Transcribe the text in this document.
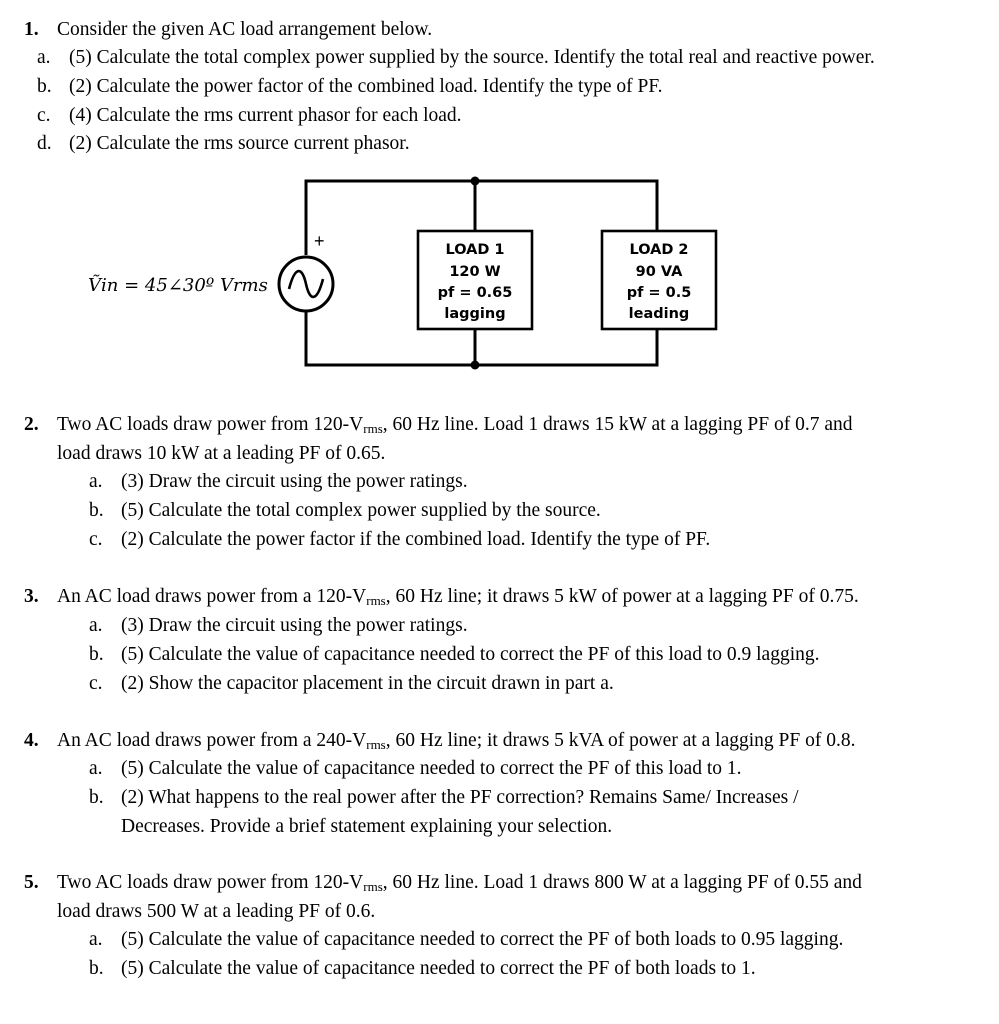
1. Consider the given AC load arrangement below.
a. (5) Calculate the total complex power supplied by the source. Identify the total real and reactive power.
b. (2) Calculate the power factor of the combined load. Identify the type of PF.
c. (4) Calculate the rms current phasor for each load.
d. (2) Calculate the rms source current phasor.
+
Ṽin = 45∠30º Vrms
LOAD 1
120 W
pf = 0.65
lagging
LOAD 2
90 VA
pf = 0.5
leading
2. Two AC loads draw power from $120-V_{rms}$, 60 Hz line. Load 1 draws 15 kW at a lagging PF of 0.7 and
load draws 10 kW at a leading PF of 0.65.
a. (3) Draw the circuit using the power ratings.
b. (5) Calculate the total complex power supplied by the source.
c. (2) Calculate the power factor if the combined load. Identify the type of PF.
3. An AC load draws power from a $120-V_{rms}$, 60 Hz line; it draws 5 kW of power at a lagging PF of 0.75.
a. (3) Draw the circuit using the power ratings.
b. (5) Calculate the value of capacitance needed to correct the PF of this load to 0.9 lagging.
c. (2) Show the capacitor placement in the circuit drawn in part a.
4. An AC load draws power from a $240-V_{rms}$, 60 Hz line; it draws 5 kVA of power at a lagging PF of 0.8.
a. (5) Calculate the value of capacitance needed to correct the PF of this load to 1.
b. (2) What happens to the real power after the PF correction? Remains Same/ Increases /
Decreases. Provide a brief statement explaining your selection.
5. Two AC loads draw power from $120-V_{rms}$, 60 Hz line. Load 1 draws 800 W at a lagging PF of 0.55 and
load draws 500 W at a leading PF of 0.6.
a. (5) Calculate the value of capacitance needed to correct the PF of both loads to 0.95 lagging.
b. (5) Calculate the value of capacitance needed to correct the PF of both loads to 1.
